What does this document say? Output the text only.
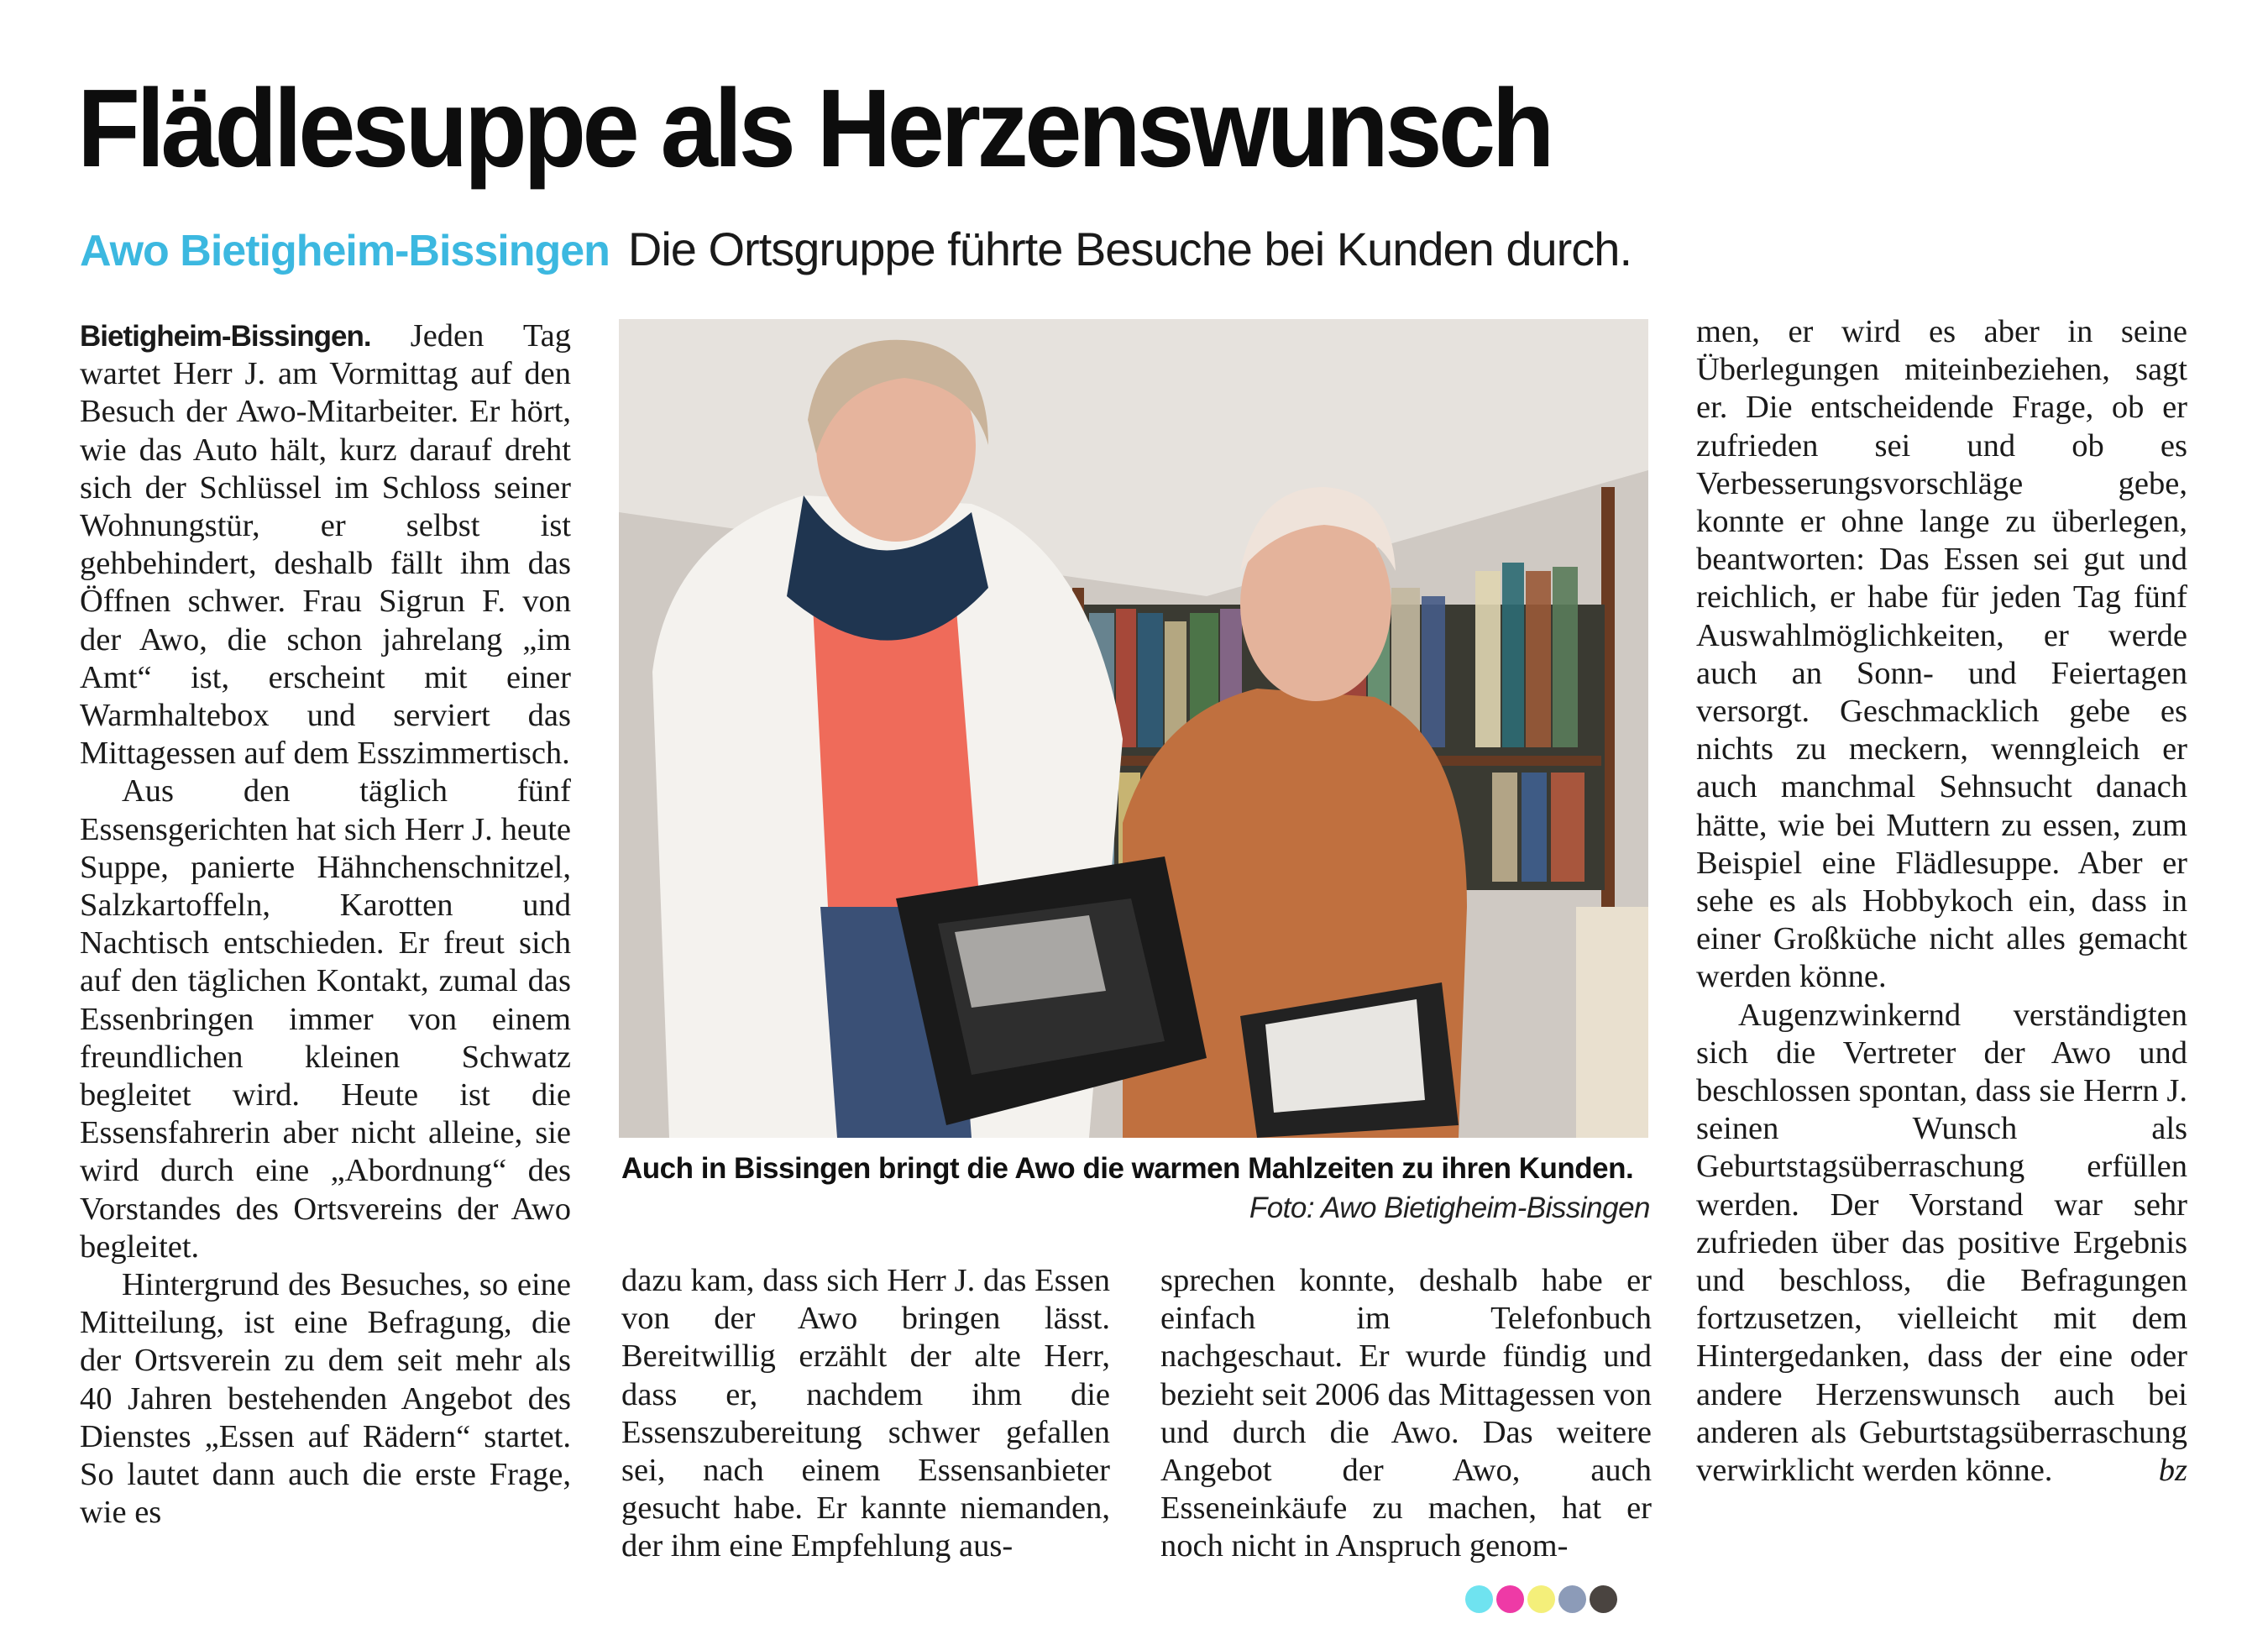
Flädlesuppe als Herzenswunsch
Awo Bietigheim-Bissingen Die Ortsgruppe führte Besuche bei Kunden durch.

Bietigheim-Bissingen. Jeden Tag wartet Herr J. am Vormittag auf den Besuch der Awo-Mitarbeiter. Er hört, wie das Auto hält, kurz darauf dreht sich der Schlüssel im Schloss seiner Wohnungstür, er selbst ist gehbehindert, deshalb fällt ihm das Öffnen schwer. Frau Sigrun F. von der Awo, die schon jahrelang „im Amt“ ist, erscheint mit einer Warmhaltebox und serviert das Mittagessen auf dem Esszimmertisch.

Aus den täglich fünf Essensgerichten hat sich Herr J. heute Suppe, panierte Hähnchenschnitzel, Salzkartoffeln, Karotten und Nachtisch entschieden. Er freut sich auf den täglichen Kontakt, zumal das Essenbringen immer von einem freundlichen kleinen Schwatz begleitet wird. Heute ist die Essensfahrerin aber nicht alleine, sie wird durch eine „Abordnung“ des Vorstandes des Ortsvereins der Awo begleitet.

Hintergrund des Besuches, so eine Mitteilung, ist eine Befragung, die der Ortsverein zu dem seit mehr als 40 Jahren bestehenden Angebot des Dienstes „Essen auf Rädern“ startet. So lautet dann auch die erste Frage, wie es

Auch in Bissingen bringt die Awo die warmen Mahlzeiten zu ihren Kunden.
Foto: Awo Bietigheim-Bissingen

dazu kam, dass sich Herr J. das Essen von der Awo bringen lässt. Bereitwillig erzählt der alte Herr, dass er, nachdem ihm die Essenszubereitung schwer gefallen sei, nach einem Essensanbieter gesucht habe. Er kannte niemanden, der ihm eine Empfehlung aus-

sprechen konnte, deshalb habe er einfach im Telefonbuch nachgeschaut. Er wurde fündig und bezieht seit 2006 das Mittagessen von und durch die Awo. Das weitere Angebot der Awo, auch Esseneinkäufe zu machen, hat er noch nicht in Anspruch genom-

men, er wird es aber in seine Überlegungen miteinbeziehen, sagt er. Die entscheidende Frage, ob er zufrieden sei und ob es Verbesserungsvorschläge gebe, konnte er ohne lange zu überlegen, beantworten: Das Essen sei gut und reichlich, er habe für jeden Tag fünf Auswahlmöglichkeiten, er werde auch an Sonn- und Feiertagen versorgt. Geschmacklich gebe es nichts zu meckern, wenngleich er auch manchmal Sehnsucht danach hätte, wie bei Muttern zu essen, zum Beispiel eine Flädlesuppe. Aber er sehe es als Hobbykoch ein, dass in einer Großküche nicht alles gemacht werden könne.

Augenzwinkernd verständigten sich die Vertreter der Awo und beschlossen spontan, dass sie Herrn J. seinen Wunsch als Geburtstagsüberraschung erfüllen werden. Der Vorstand war sehr zufrieden über das positive Ergebnis und beschloss, die Befragungen fortzusetzen, vielleicht mit dem Hintergedanken, dass der eine oder andere Herzenswunsch auch bei anderen als Geburtstagsüberraschung verwirklicht werden könne.	bz
